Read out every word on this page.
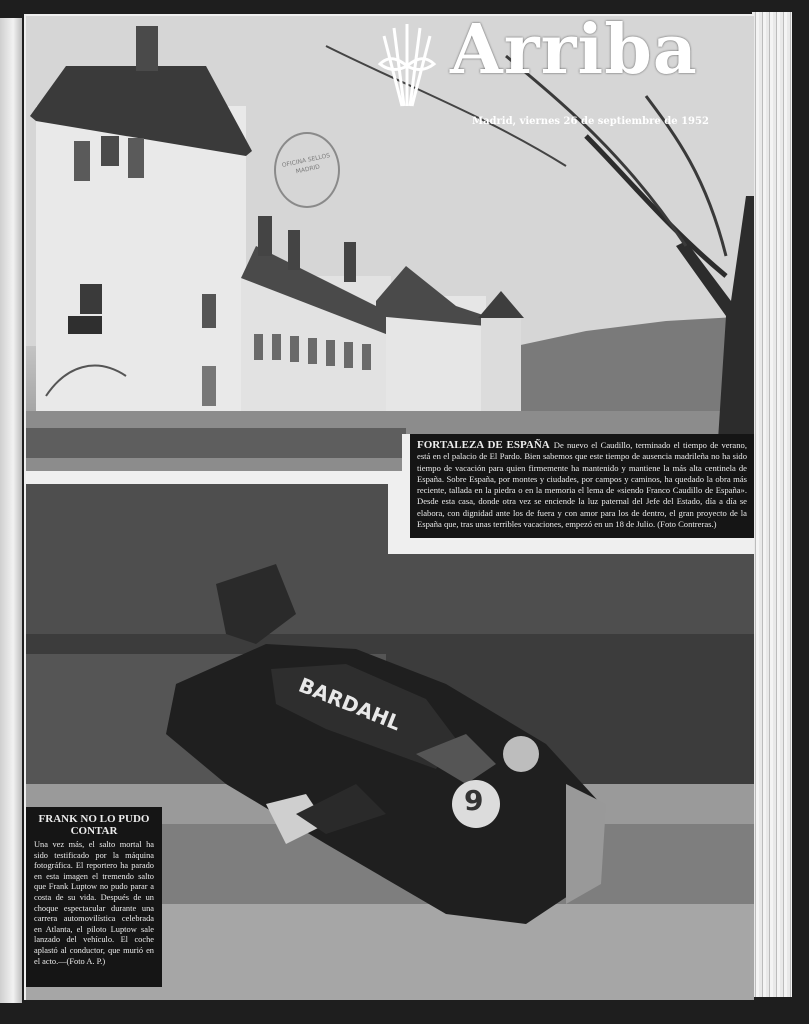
Arriba
Madrid, viernes 26 de septiembre de 1952
OFICINA SELLOS MADRID
BARDAHL
9
FORTALEZA DE ESPAÑA De nuevo el Caudillo, terminado el tiempo de verano, está en el palacio de El Pardo. Bien sabemos que este tiempo de ausencia madrileña no ha sido tiempo de vacación para quien firmemente ha mantenido y mantiene la más alta centinela de España. Sobre España, por montes y ciudades, por campos y caminos, ha quedado la obra más reciente, tallada en la piedra o en la memoria el lema de «siendo Franco Caudillo de España». Desde esta casa, donde otra vez se enciende la luz paternal del Jefe del Estado, día a día se elabora, con dignidad ante los de fuera y con amor para los de dentro, el gran proyecto de la España que, tras unas terribles vacaciones, empezó en un 18 de Julio. (Foto Contreras.)
FRANK NO LO PUDO CONTAR
Una vez más, el salto mortal ha sido testificado por la máquina fotográfica. El reportero ha parado en esta imagen el tremendo salto que Frank Luptow no pudo parar a costa de su vida. Después de un choque espectacular durante una carrera automovilística celebrada en Atlanta, el piloto Luptow sale lanzado del vehículo. El coche aplastó al conductor, que murió en el acto.—(Foto A. P.)
